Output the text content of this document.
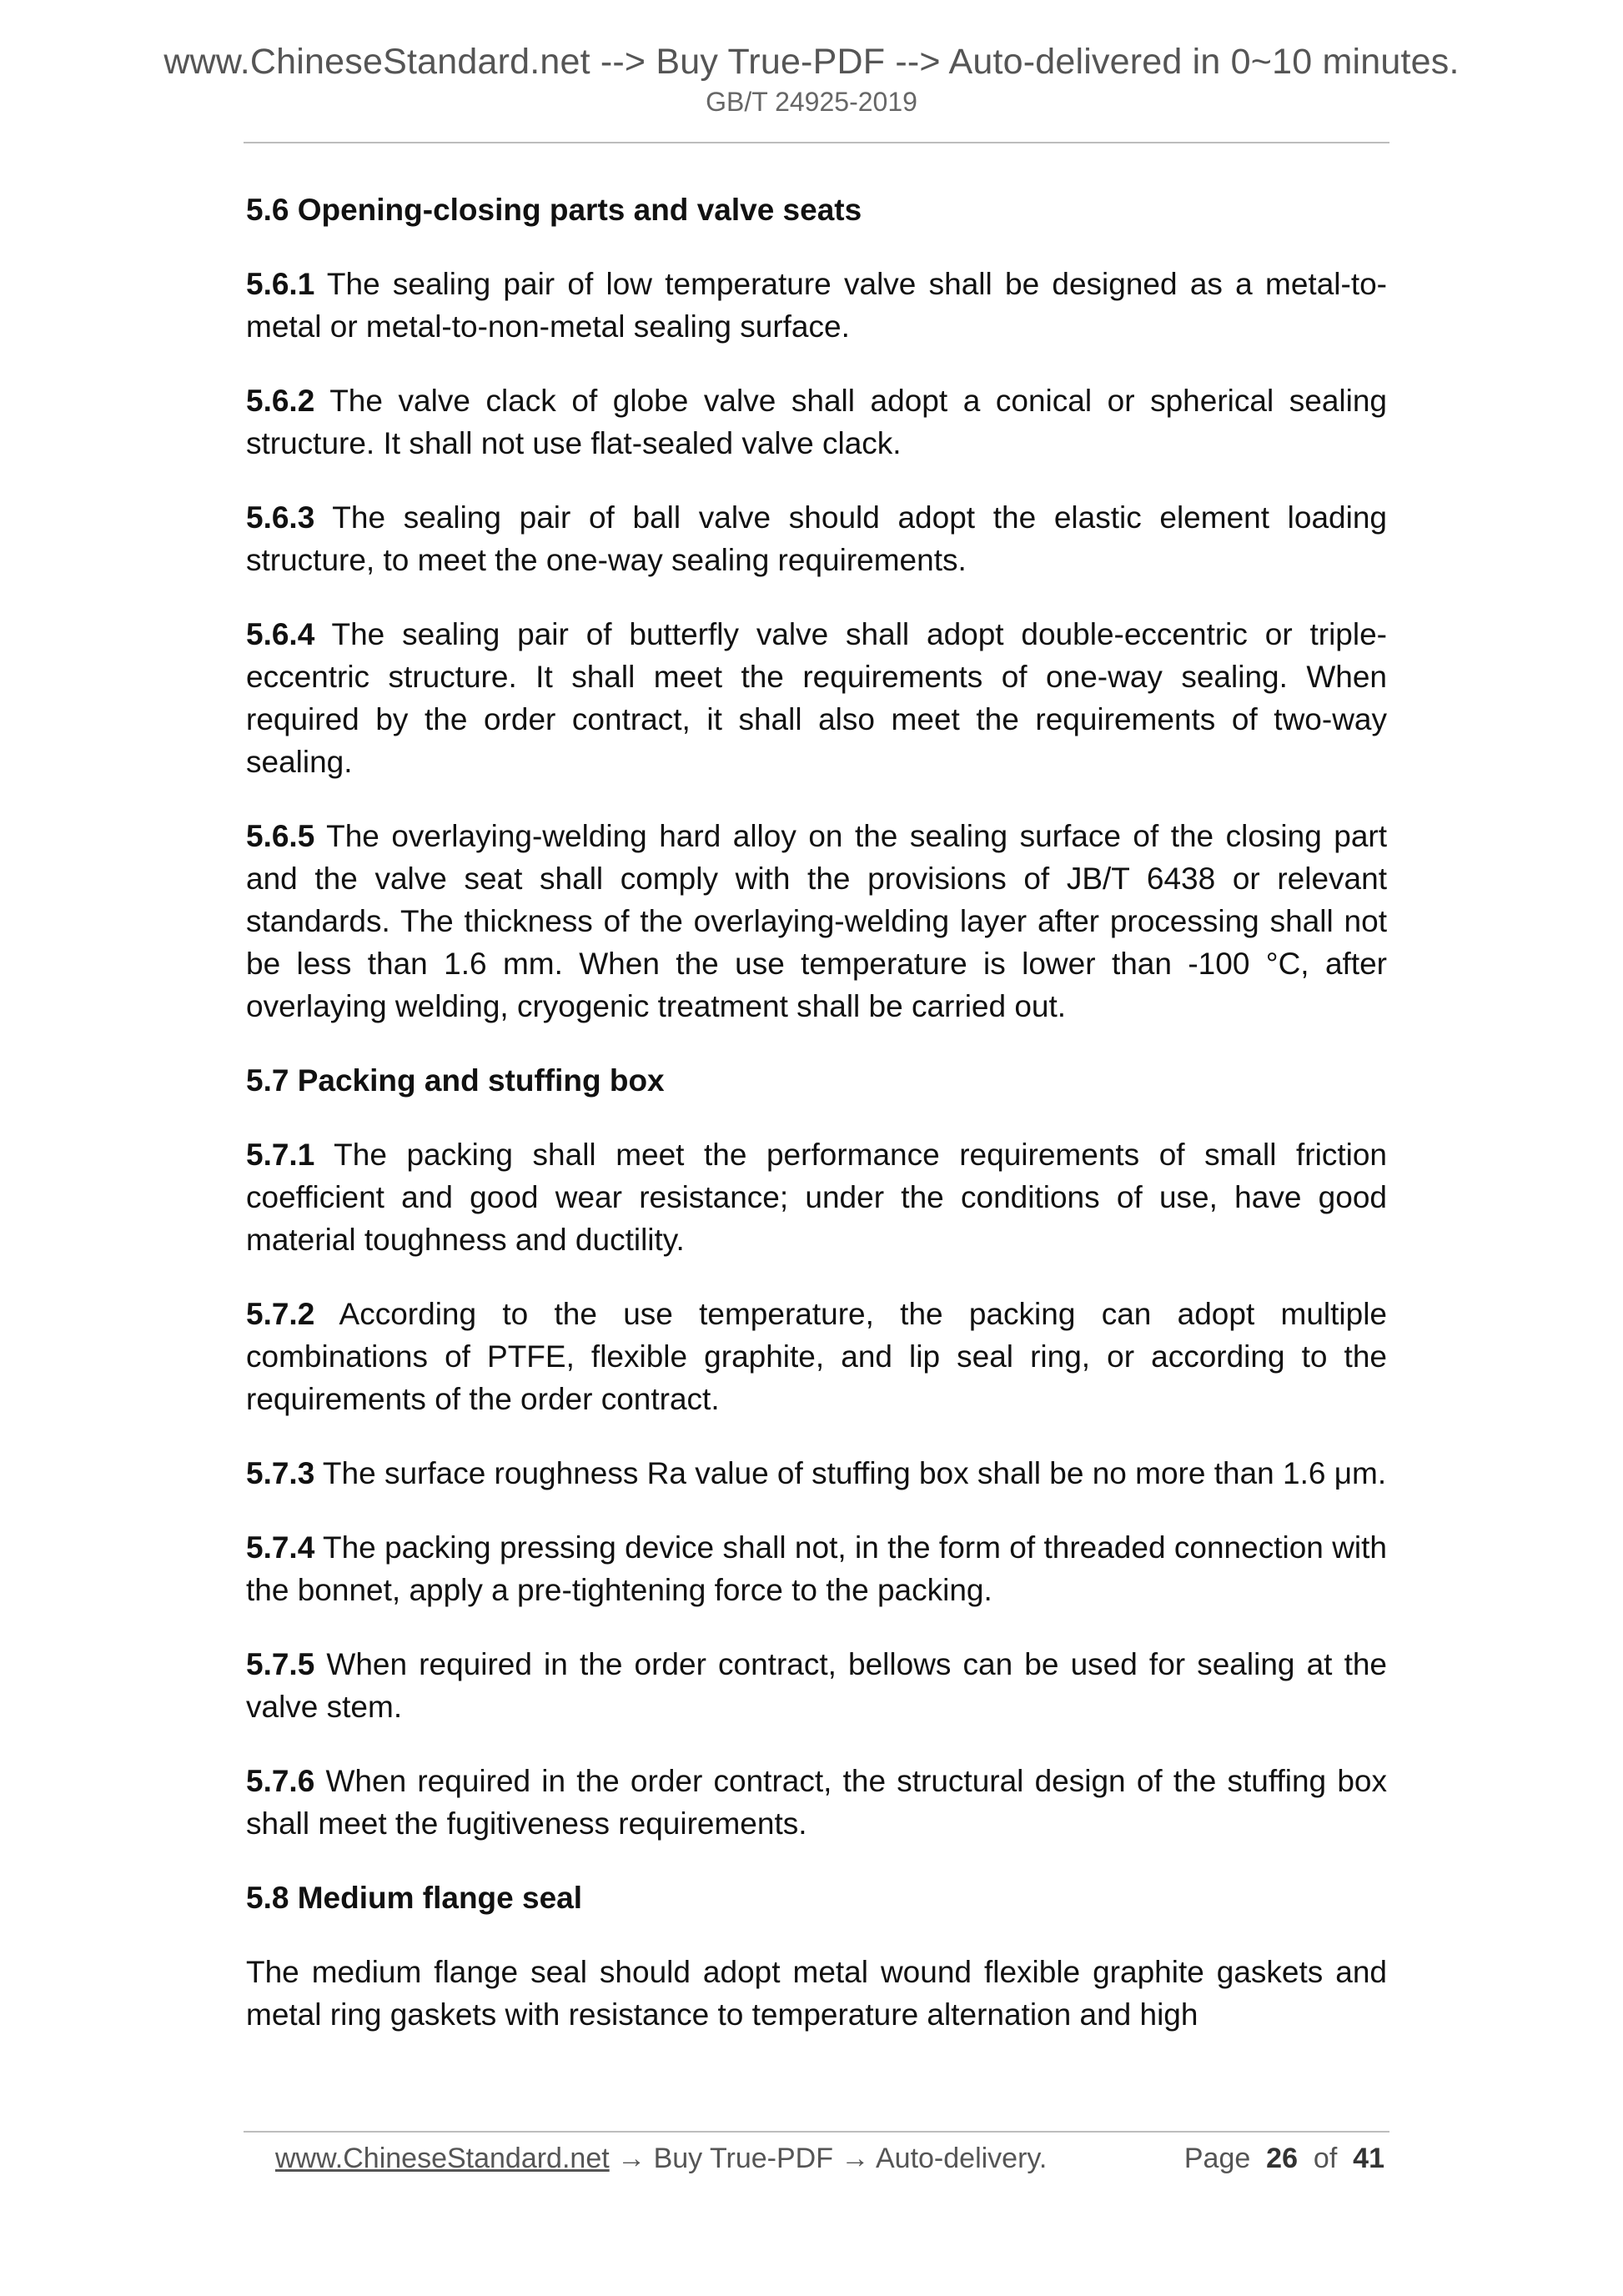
www.ChineseStandard.net --> Buy True-PDF --> Auto-delivered in 0~10 minutes.
GB/T 24925-2019
5.6 Opening-closing parts and valve seats
5.6.1 The sealing pair of low temperature valve shall be designed as a metal-to-metal or metal-to-non-metal sealing surface.
5.6.2 The valve clack of globe valve shall adopt a conical or spherical sealing structure. It shall not use flat-sealed valve clack.
5.6.3 The sealing pair of ball valve should adopt the elastic element loading structure, to meet the one-way sealing requirements.
5.6.4 The sealing pair of butterfly valve shall adopt double-eccentric or triple-eccentric structure. It shall meet the requirements of one-way sealing. When required by the order contract, it shall also meet the requirements of two-way sealing.
5.6.5 The overlaying-welding hard alloy on the sealing surface of the closing part and the valve seat shall comply with the provisions of JB/T 6438 or relevant standards. The thickness of the overlaying-welding layer after processing shall not be less than 1.6 mm. When the use temperature is lower than -100 °C, after overlaying welding, cryogenic treatment shall be carried out.
5.7 Packing and stuffing box
5.7.1 The packing shall meet the performance requirements of small friction coefficient and good wear resistance; under the conditions of use, have good material toughness and ductility.
5.7.2 According to the use temperature, the packing can adopt multiple combinations of PTFE, flexible graphite, and lip seal ring, or according to the requirements of the order contract.
5.7.3 The surface roughness Ra value of stuffing box shall be no more than 1.6 μm.
5.7.4 The packing pressing device shall not, in the form of threaded connection with the bonnet, apply a pre-tightening force to the packing.
5.7.5 When required in the order contract, bellows can be used for sealing at the valve stem.
5.7.6 When required in the order contract, the structural design of the stuffing box shall meet the fugitiveness requirements.
5.8 Medium flange seal
The medium flange seal should adopt metal wound flexible graphite gaskets and metal ring gaskets with resistance to temperature alternation and high
www.ChineseStandard.net → Buy True-PDF → Auto-delivery.	Page 26 of 41
